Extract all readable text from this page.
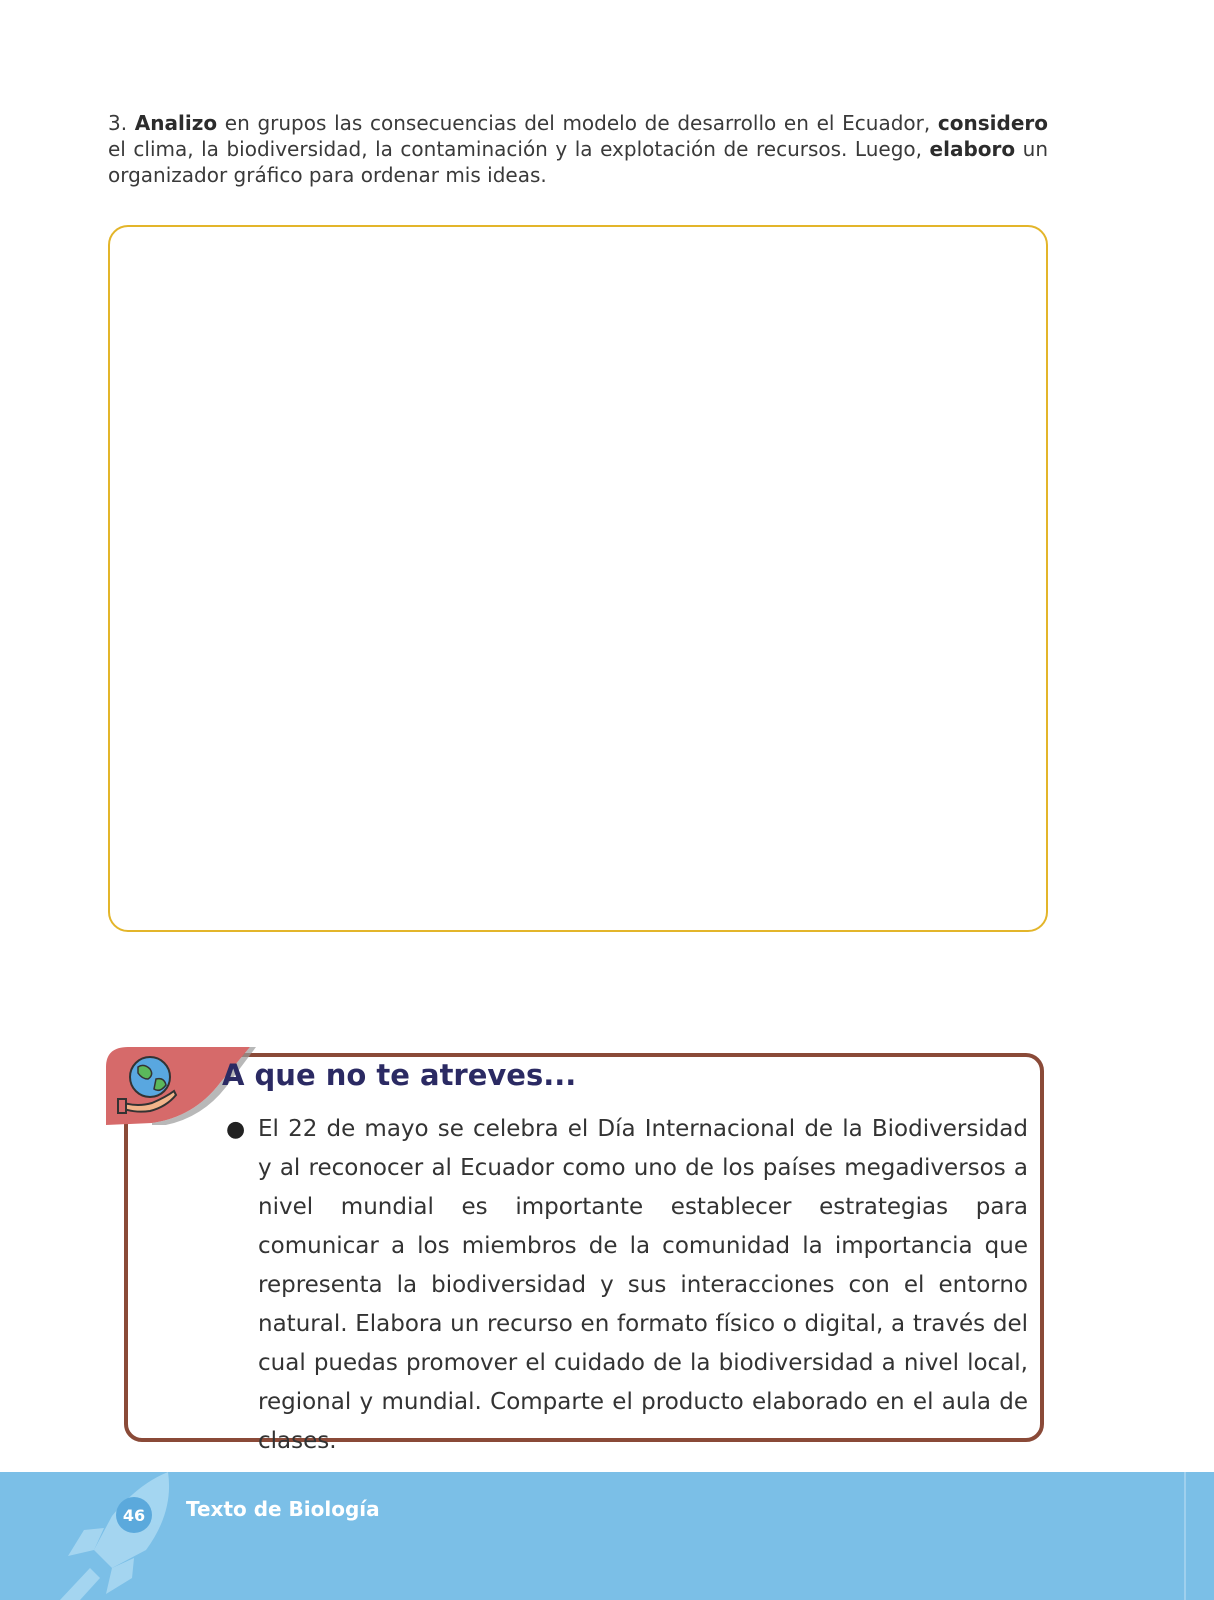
3. Analizo en grupos las consecuencias del modelo de desarrollo en el Ecuador, considero el clima, la biodiversidad, la contaminación y la explotación de recursos. Luego, elaboro un organizador gráfico para ordenar mis ideas.

A que no te atreves...
● El 22 de mayo se celebra el Día Internacional de la Biodiversidad y al reconocer al Ecuador como uno de los países megadiversos a nivel mundial es importante establecer estrategias para comunicar a los miembros de la comunidad la importancia que representa la biodiversidad y sus interacciones con el entorno natural. Elabora un recurso en formato físico o digital, a través del cual puedas promover el cuidado de la biodiversidad a nivel local, regional y mundial. Comparte el producto elaborado en el aula de clases.
46	Texto de Biología
